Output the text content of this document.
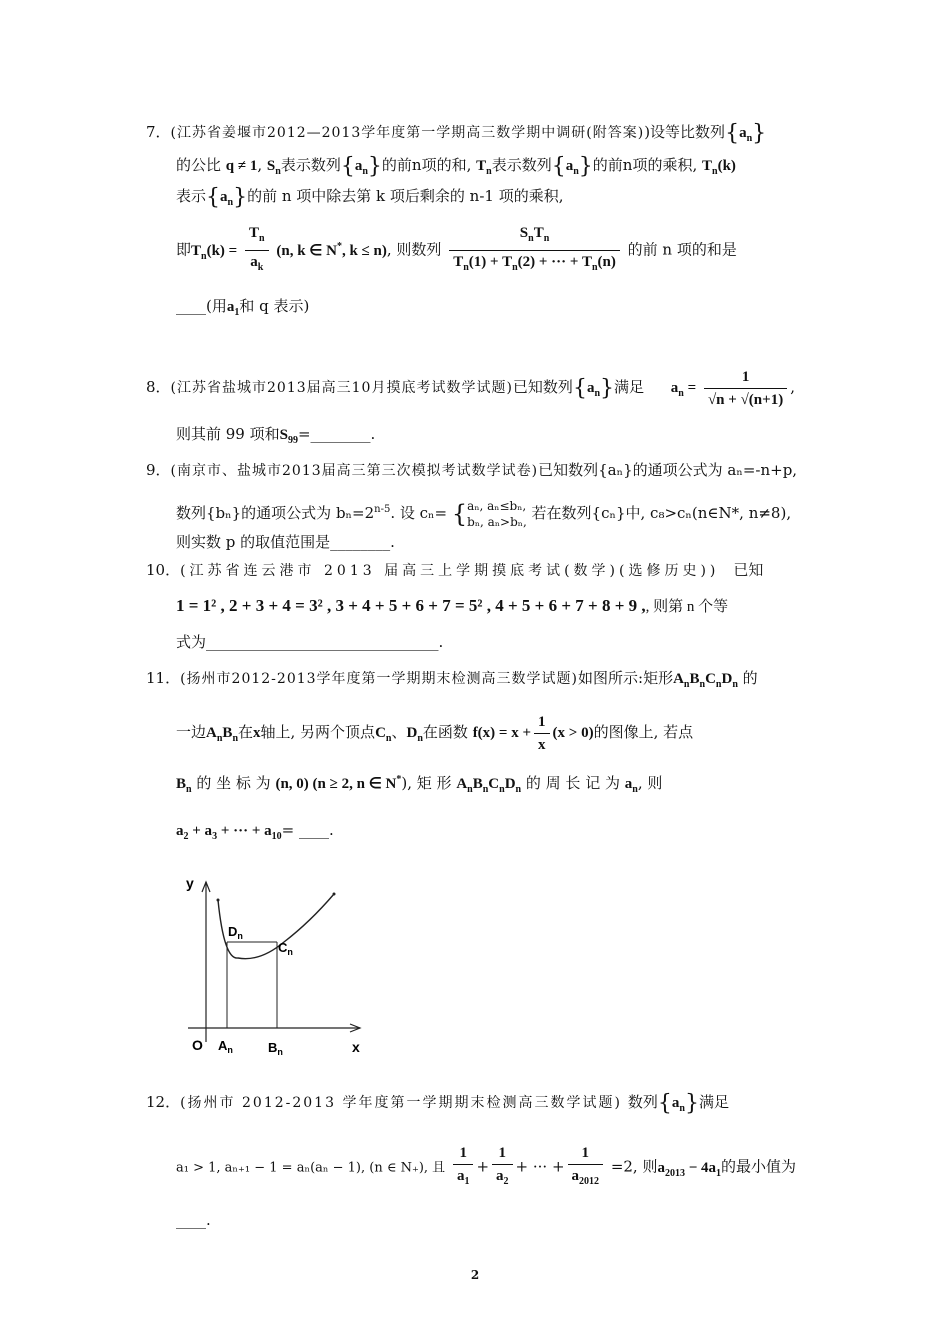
7．(江苏省姜堰市2012—2013学年度第一学期高三数学期中调研(附答案))设等比数列$\{a_n\}$
的公比 q ≠ 1, $S_n$表示数列$\{a_n\}$的前n项的和, $T_n$表示数列$\{a_n\}$的前n项的乘积, $T_n(k)$
表示$\{a_n\}$的前 n 项中除去第 k 项后剩余的 n-1 项的乘积,
即$T_n(k) = \frac{T_n}{a_k} (n$, k ∈ N*, k ≤ n), 则数列 $\frac{S_nT_n}{T_n(1) + T_n(2) + \cdot\cdot\cdot + T_n(n)}$ 的前 n 项的和是
____(用$a_1$和 q 表示)
8．(江苏省盐城市2013届高三10月摸底考试数学试题)已知数列$\{a_n\}$满足 $a_n = \frac{1}{√n + √(n+1)}$ ,
则其前 99 项和$S_{99}=\_\_\_\_\_\_\_\_$.
9．(南京市、盐城市2013届高三第三次模拟考试数学试卷)已知数列{aₙ}的通项公式为 aₙ=-n+p,
数列{bₙ}的通项公式为 $b_n=2^{n-5}$. 设 cₙ= { aₙ, aₙ≤bₙ,
bₙ, aₙ>bₙ, 若在数列{cₙ}中, c₈>cₙ(n∈N*, n≠8),
则实数 p 的取值范围是________.
10．(江苏省连云港市 2013 届高三上学期摸底考试(数学)(选修历史)) 已知
1 = 1² , 2 + 3 + 4 = 3² , 3 + 4 + 5 + 6 + 7 = 5² , 4 + 5 + 6 + 7 + 8 + 9 ,, 则第 n 个等
式为_______________________________.
11．(扬州市2012-2013学年度第一学期期末检测高三数学试题)如图所示:矩形$A_nB_nC_nD_n$ 的
一边$A_nB_n$在x轴上, 另两个顶点$C_n$、$D_n$在函数 $f(x) = x + \frac{1}{x} (x > 0)$的图像上, 若点
$B_n$ 的 坐 标 为 (n, 0) (n ≥ 2, n ∈ N*), 矩 形 $A_nB_nC_nD_n$ 的 周 长 记 为 $a_n$, 则
$a_2 + a_3$ + ··· + $a_{10}=$ ____.
y
O	x
$D_n$
$C_n$
$A_n$	$B_n$
12．(扬州市 2012-2013 学年度第一学期期末检测高三数学试题) 数列$\{a_n\}$满足
a₁ > 1, aₙ₊₁ − 1 = aₙ(aₙ − 1), (n ∈ N₊), 且 $\frac{1}{a_1} + \frac{1}{a_2}$ + ··· + $\frac{1}{a_{2012}} =2$, 则$a_{2013} - 4a_1$的最小值为
____.
2
